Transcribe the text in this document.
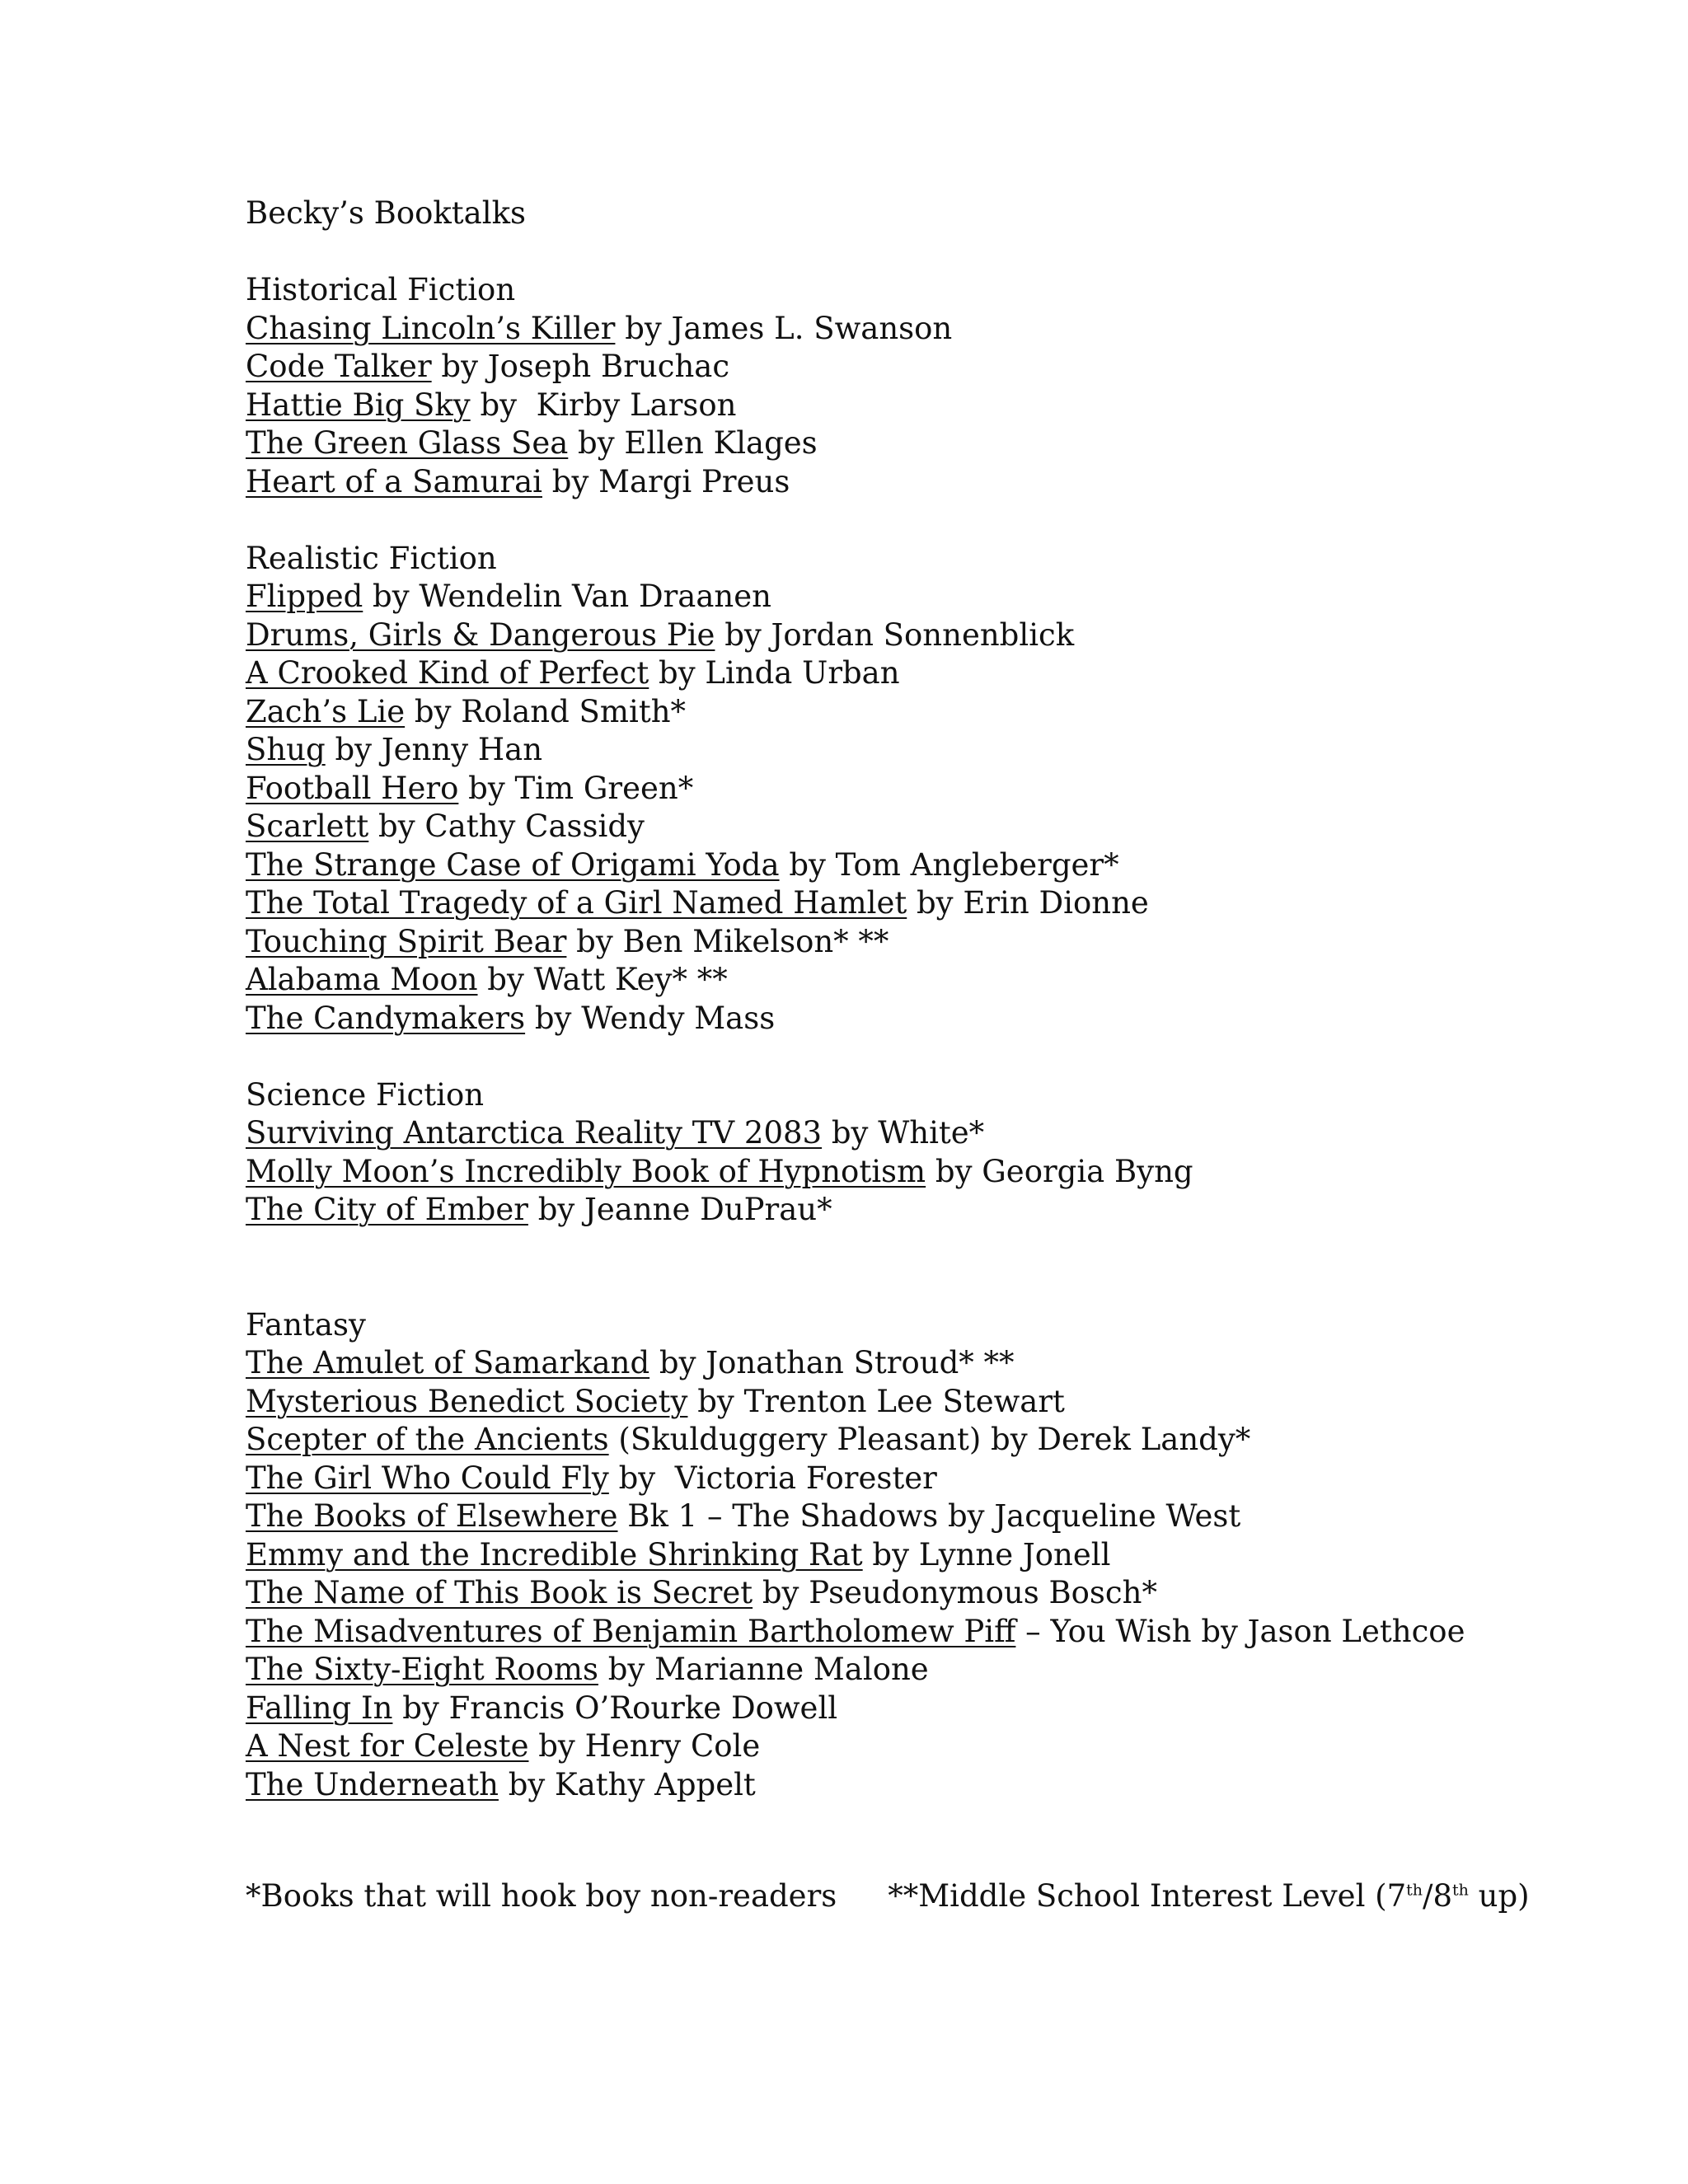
Becky’s Booktalks
Historical Fiction
Chasing Lincoln’s Killer by James L. Swanson
Code Talker by Joseph Bruchac
Hattie Big Sky by  Kirby Larson
The Green Glass Sea by Ellen Klages
Heart of a Samurai by Margi Preus
Realistic Fiction
Flipped by Wendelin Van Draanen
Drums, Girls & Dangerous Pie by Jordan Sonnenblick
A Crooked Kind of Perfect by Linda Urban
Zach’s Lie by Roland Smith*
Shug by Jenny Han
Football Hero by Tim Green*
Scarlett by Cathy Cassidy
The Strange Case of Origami Yoda by Tom Angleberger*
The Total Tragedy of a Girl Named Hamlet by Erin Dionne
Touching Spirit Bear by Ben Mikelson* **
Alabama Moon by Watt Key* **
The Candymakers by Wendy Mass
Science Fiction
Surviving Antarctica Reality TV 2083 by White*
Molly Moon’s Incredibly Book of Hypnotism by Georgia Byng
The City of Ember by Jeanne DuPrau*
Fantasy
The Amulet of Samarkand by Jonathan Stroud* **
Mysterious Benedict Society by Trenton Lee Stewart
Scepter of the Ancients (Skulduggery Pleasant) by Derek Landy*
The Girl Who Could Fly by  Victoria Forester
The Books of Elsewhere Bk 1 – The Shadows by Jacqueline West
Emmy and the Incredible Shrinking Rat by Lynne Jonell
The Name of This Book is Secret by Pseudonymous Bosch*
The Misadventures of Benjamin Bartholomew Piff – You Wish by Jason Lethcoe
The Sixty-Eight Rooms by Marianne Malone
Falling In by Francis O’Rourke Dowell
A Nest for Celeste by Henry Cole
The Underneath by Kathy Appelt
*Books that will hook boy non-readers **Middle School Interest Level (7th/8th up)
